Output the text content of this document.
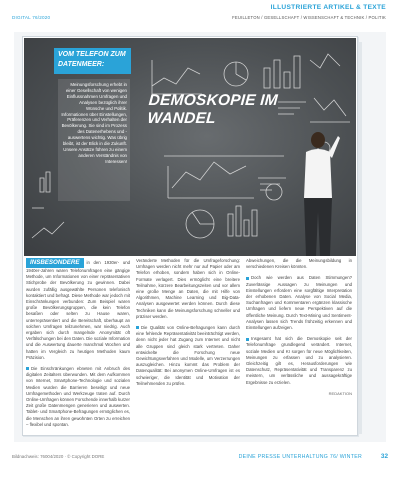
ILLUSTRIERTE ARTIKEL & TEXTE
DIGITAL 76/2020	FEUILLETON / GESELLSCHAFT / WISSENSCHAFT & TECHNIK / POLITIK
VOM TELEFON ZUM DATENMEER:
Meinungsforschung erhebt in einer Gesellschaft von wenigen Einflussnahmen Umfragen und Analysen bezüglich ihrer Wünsche und Politik. Informationen über Einstellungen, Präferenzen und Verhalten der Bevölkerung. Sie sind im Prozess des Datenerhebens und -auswertens wichtig. Was übrig bleibt, ist der Blick in die Zukunft. Unsere Ansätze führen zu einem anderen Verständnis von Interessen!
DEMOSKOPIE IM WANDEL

INSBESONDERE in den 1930er- und 1940er-Jahren waren Telefonumfragen eine gängige Methode, um Informationen von einer repräsentativen Stichprobe der Bevölkerung zu gewinnen. Dabei wurden zufällig ausgewählte Personen telefonisch kontaktiert und befragt. Diese Methode war jedoch mit Einschränkungen verbunden: Zum Beispiel waren große Bevölkerungsgruppen, die kein Telefon besaßen oder selten zu Hause waren, unterrepräsentiert und die Bereitschaft, überhaupt an solchen Umfragen teilzunehmen, war niedrig. Auch ergaben sich durch mangelnde Anonymität oft Verfälschungen bei den Daten. Die soziale Information und die Auswertung dauerte manchmal Wochen und hatten im Vergleich zu heutigen Methoden kaum Präzision.

Die Einschränkungen ebneten mit Anbruch des digitalen Zeitalters überwunden. Mit dem Aufkommen von Internet, Smartphone-Technologie und sozialen Medien wurden die Barrieren beseitigt und neue Umfragemethoden und Werkzeuge traten auf. Durch Online-Umfragen können Forschende innerhalb kurzer Zeit große Datenmengen generieren und auswerten. Tablet- und Smartphone-Befragungen ermöglichen es, die Menschen an ihren gewohnten Orten zu erreichen – flexibel und spontan.

Veränderte Methoden für die Umfrageforschung: Umfragen werden nicht mehr nur auf Papier oder am Telefon erhoben, sondern haben sich in Online-Formate verlagert. Dies ermöglicht eine breitere Teilnahme, kürzere Bearbeitungszeiten und vor allem eine große Menge an Daten, die mit Hilfe von Algorithmen, Machine Learning und Big-Data-Analysen ausgewertet werden können. Durch diese Techniken kann die Meinungsforschung schneller und präziser werden.

Die Qualität von Online-Befragungen kann durch eine fehlende Repräsentativität beeinträchtigt werden, denn nicht jeder hat Zugang zum Internet und nicht alle Gruppen sind gleich stark vertreten. Daher entwickelte die Forschung neue Gewichtungsverfahren und Modelle, um Verzerrungen auszugleichen. Hinzu kommt das Problem der Datenqualität: Bei anonymen Online-Umfragen ist es schwieriger, die Identität und Motivation der Teilnehmenden zu prüfen.

Abweichungen, die die Meinungsbildung in verschiedenen Kreisen könnten.

Doch wie werden aus Daten Stimmungen? Zuverlässige Aussagen zu Meinungen und Einstellungen erfordern eine sorgfältige Interpretation der erhobenen Daten. Analyse von Social Media, Suchanfragen und Kommentaren ergänzen klassische Umfragen und liefern neue Perspektiven auf die öffentliche Meinung. Durch Text-Mining und Sentiment-Analysen lassen sich Trends frühzeitig erkennen und Einstellungen aufzeigen.

Insgesamt hat sich die Demoskopie seit der Telefonumfrage grundlegend verändert. Internet, soziale Medien und KI sorgen für neue Möglichkeiten, Meinungen zu erfassen und zu analysieren. Gleichzeitig gilt es, Herausforderungen wie Datenschutz, Repräsentativität und Transparenz zu meistern, um verlässliche und aussagekräftige Ergebnisse zu erzielen.

REDAKTION
Bildnachweis: 76004/2020 · © Copyright DORE	DEINE PRESSE UNTERHALTUNG 76/ WINTER	32
